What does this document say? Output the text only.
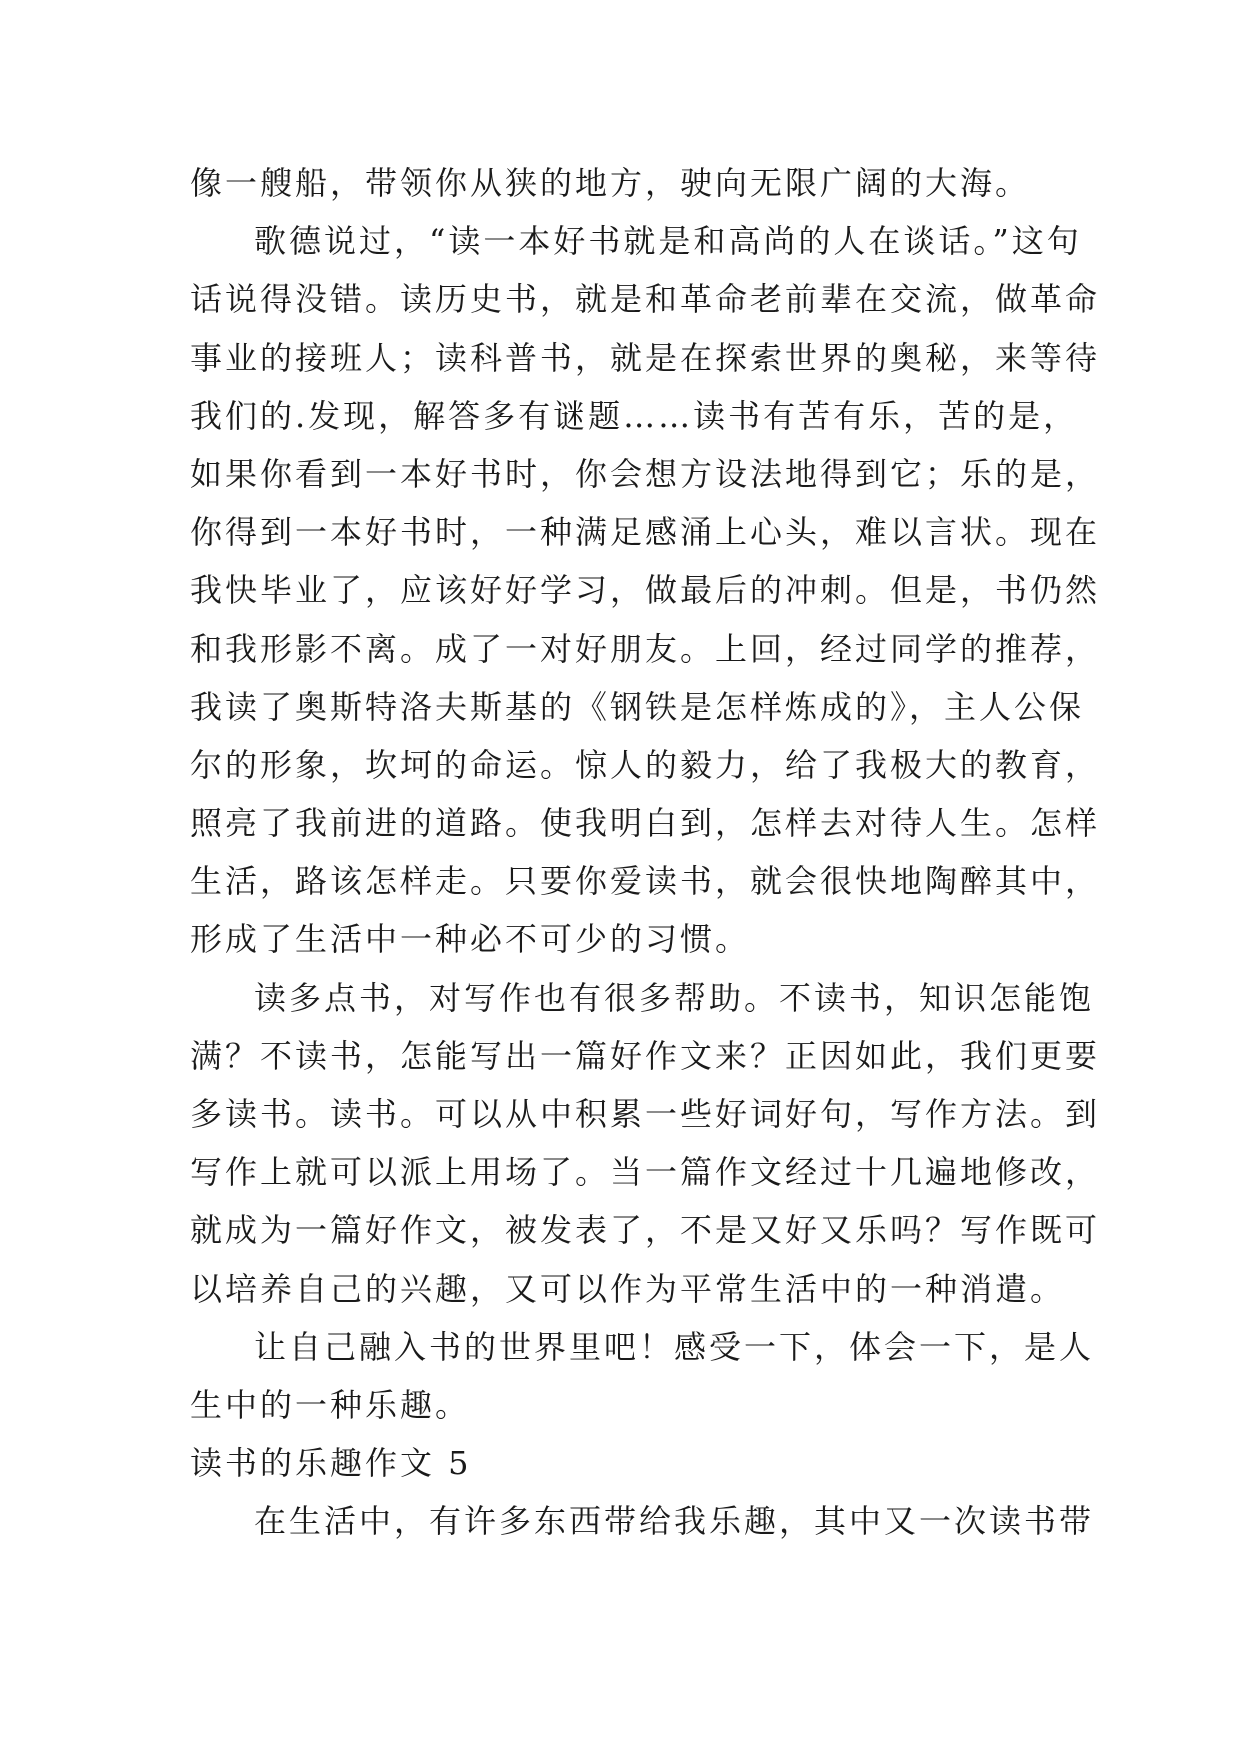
像一艘船，带领你从狭的地方，驶向无限广阔的大海。
歌德说过，“读一本好书就是和高尚的人在谈话。”这句
话说得没错。读历史书，就是和革命老前辈在交流，做革命
事业的接班人；读科普书，就是在探索世界的奥秘，来等待
我们的.发现，解答多有谜题……读书有苦有乐，苦的是，
如果你看到一本好书时，你会想方设法地得到它；乐的是，
你得到一本好书时，一种满足感涌上心头，难以言状。现在
我快毕业了，应该好好学习，做最后的冲刺。但是，书仍然
和我形影不离。成了一对好朋友。上回，经过同学的推荐，
我读了奥斯特洛夫斯基的《钢铁是怎样炼成的》，主人公保
尔的形象，坎坷的命运。惊人的毅力，给了我极大的教育，
照亮了我前进的道路。使我明白到，怎样去对待人生。怎样
生活，路该怎样走。只要你爱读书，就会很快地陶醉其中，
形成了生活中一种必不可少的习惯。
读多点书，对写作也有很多帮助。不读书，知识怎能饱
满？不读书，怎能写出一篇好作文来？正因如此，我们更要
多读书。读书。可以从中积累一些好词好句，写作方法。到
写作上就可以派上用场了。当一篇作文经过十几遍地修改，
就成为一篇好作文，被发表了，不是又好又乐吗？写作既可
以培养自己的兴趣，又可以作为平常生活中的一种消遣。
让自己融入书的世界里吧！感受一下，体会一下，是人
生中的一种乐趣。
读书的乐趣作文 5
在生活中，有许多东西带给我乐趣，其中又一次读书带
